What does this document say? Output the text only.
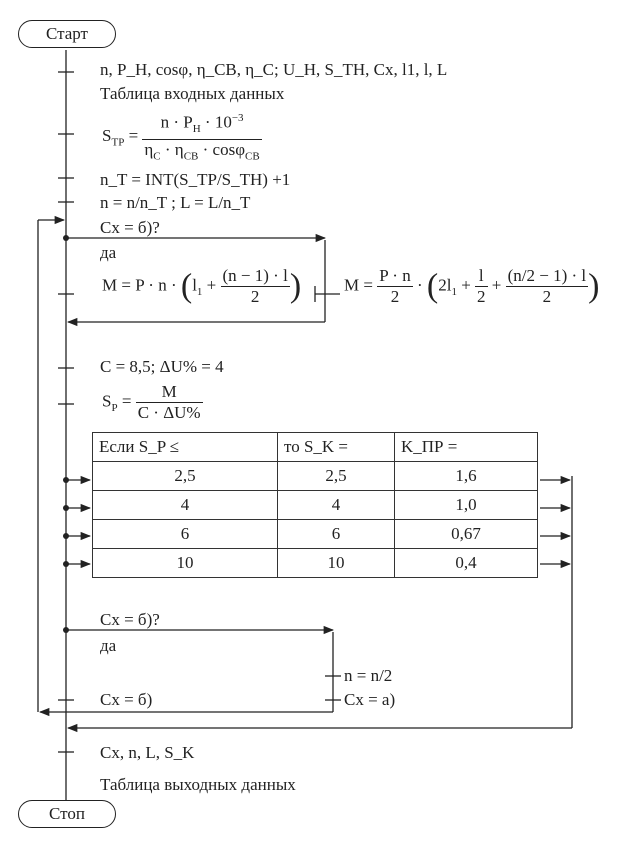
Старт
n, P_H, cosφ, η_CB, η_C; U_H, S_TH, Cx, l1, l, L
Таблица входных данных
$S_{TP} = \frac{n \cdot P_H \cdot 10^{-3}}{\eta_C \cdot \eta_{CB} \cdot \cos\varphi_{CB}}$
n_T = INT(S_TP/S_TH) +1
n = n/n_T ; L = L/n_T
Cx = б)?
да
$M = P \cdot n \cdot (l_1 + \frac{(n - 1) \cdot l}{2}$ )	$M = \frac{P \cdot n}{2} \cdot (2l_1 + \frac{l}{2} + \frac{(n/2 - 1) \cdot l}{2}$ )
C = 8,5; ΔU% = 4
$S_P = \frac{M}{C \cdot \Delta U\%}$
Если S_P ≤	то S_K =	K_ПР =
2,5	2,5	1,6
4	4	1,0
6	6	0,67
10	10	0,4
Cx = б)?
да
n = n/2
Cx = б)	Cx = a)
Cx, n, L, S_K
Таблица выходных данных
Стоп
